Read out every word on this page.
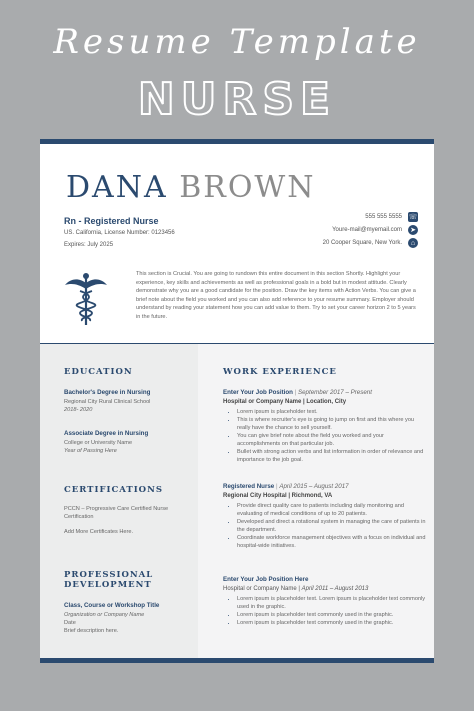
Resume Template
NURSE
DANA BROWN
Rn - Registered Nurse
US. California, License Number: 0123456
Expires: July 2025
555 555 5555 ☏
Youre-mail@myemail.com ➤
20 Cooper Square, New York.	⌂
This section is Crucial. You are going to rundown this entire document in this section Shortly. Highlight your experience, key skills and achievements as well as professional goals in a bold but in modest attitude. Clearly demonstrate why you are a good candidate for the position. Draw the key items with Action Verbs. You can give a brief note about the field you worked and you can also add reference to your resume summary. Employer should understand by reading your statement how you can add value to them. Try to set your career horizon 2 to 5 years in the future.
EDUCATION
Bachelor's Degree in Nursing
Regional City Rural Clinical School
2018- 2020
Associate Degree in Nursing
College or University Name
Year of Passing Here
CERTIFICATIONS
PCCN – Progressive Care Certified Nurse
Certification
Add More Certificates Here.
PROFESSIONAL
DEVELOPMENT
Class, Course or Workshop Title
Organization or Company Name
Date
Brief description here.
WORK EXPERIENCE
Enter Your Job Position | September 2017 – Present
Hospital or Company Name | Location, City
• Lorem ipsum is placeholder text.
• This is where recruiter's eye is going to jump on first and this where you really have the chance to sell yourself.
• You can give brief note about the field you worked and your accomplishments on that particular job.
• Bullet with strong action verbs and list information in order of relevance and importance to the job goal.
Registered Nurse | April 2015 – August 2017
Regional City Hospital | Richmond, VA
• Provide direct quality care to patients including daily monitoring and evaluating of medical conditions of up to 20 patients.
• Developed and direct a rotational system in managing the care of patients in the department.
• Coordinate workforce management objectives with a focus on individual and hospital-wide initiatives.
Enter Your Job Position Here
Hospital or Company Name | April 2011 – August 2013
• Lorem ipsum is placeholder text. Lorem ipsum is placeholder text commonly used in the graphic.
• Lorem ipsum is placeholder text commonly used in the graphic.
• Lorem ipsum is placeholder text commonly used in the graphic.
